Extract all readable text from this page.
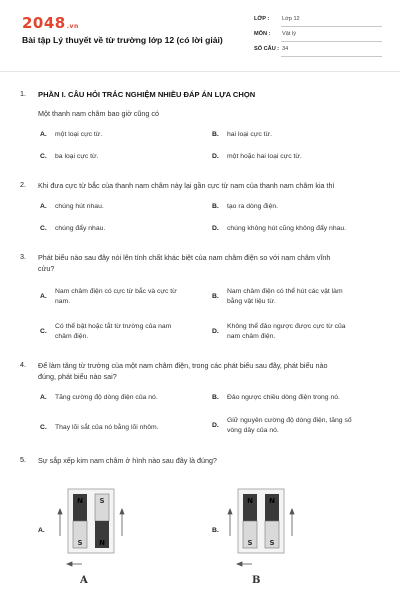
2048.vn
Bài tập Lý thuyết về từ trường lớp 12 (có lời giải)
LỚP : Lớp 12
MÔN : Vật lý
SỐ CÂU : 34
1. PHẦN I. CÂU HỎI TRẮC NGHIỆM NHIỀU ĐÁP ÁN LỰA CHỌN
Một thanh nam châm bao giờ cũng có
A. một loại cực từ.	B. hai loại cực từ.
C. ba loại cực từ.	D. một hoặc hai loại cực từ.
2. Khi đưa cực từ bắc của thanh nam châm này lại gần cực từ nam của thanh nam châm kia thì
A. chúng hút nhau.	B. tạo ra dòng điện.
C. chúng đẩy nhau.	D. chúng không hút cũng không đẩy nhau.
3. Phát biểu nào sau đây nói lên tính chất khác biệt của nam châm điện so với nam châm vĩnh
cửu?
A.
Nam châm điện có cực từ bắc và cực từ
nam.
B.
Nam châm điện có thể hút các vật làm
bằng vật liệu từ.
C.
Có thể bật hoặc tắt từ trường của nam
châm điện.
D.
Không thể đảo ngược được cực từ của
nam châm điện.
4. Để làm tăng từ trường của một nam châm điện, trong các phát biểu sau đây, phát biểu nào
đúng, phát biểu nào sai?
A. Tăng cường độ dòng điện của nó.	B. Đảo ngược chiều dòng điện trong nó.
C. Thay lõi sắt của nó bằng lõi nhôm.	D.
Giữ nguyên cường độ dòng điện, tăng số
vòng dây của nó.
5. Sự sắp xếp kim nam châm ở hình nào sau đây là đúng?
A.
N
S
S
N
A
B.
N
S
N
S
B
